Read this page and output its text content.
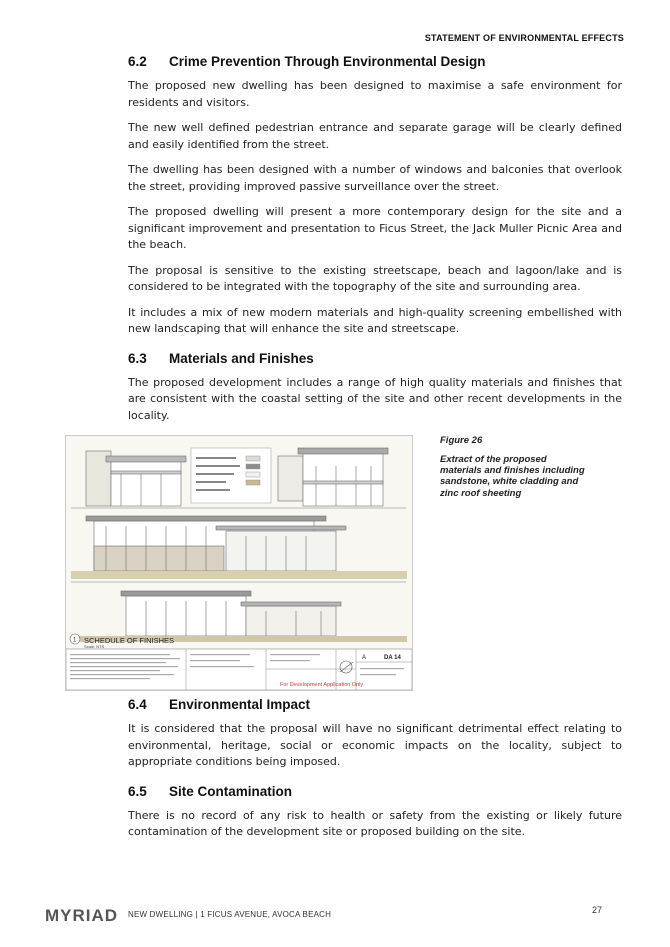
STATEMENT OF ENVIRONMENTAL EFFECTS
6.2	Crime Prevention Through Environmental Design

The proposed new dwelling has been designed to maximise a safe environment for residents and visitors.

The new well defined pedestrian entrance and separate garage will be clearly defined and easily identified from the street.

The dwelling has been designed with a number of windows and balconies that overlook the street, providing improved passive surveillance over the street.

The proposed dwelling will present a more contemporary design for the site and a significant improvement and presentation to Ficus Street, the Jack Muller Picnic Area and the beach.

The proposal is sensitive to the existing streetscape, beach and lagoon/lake and is considered to be integrated with the topography of the site and surrounding area.

It includes a mix of new modern materials and high-quality screening embellished with new landscaping that will enhance the site and streetscape.

6.3	Materials and Finishes

The proposed development includes a range of high quality materials and finishes that are consistent with the coastal setting of the site and other recent developments in the locality.

1 SCHEDULE OF FINISHES
Scale: NTS
For Development Application Only
A	DA 14
Figure 26
Extract of the proposed materials and finishes including sandstone, white cladding and zinc roof sheeting
6.4	Environmental Impact

It is considered that the proposal will have no significant detrimental effect relating to environmental, heritage, social or economic impacts on the locality, subject to appropriate conditions being imposed.

6.5	Site Contamination

There is no record of any risk to health or safety from the existing or likely future contamination of the development site or proposed building on the site.

MYRIAD NEW DWELLING | 1 FICUS AVENUE, AVOCA BEACH	27
